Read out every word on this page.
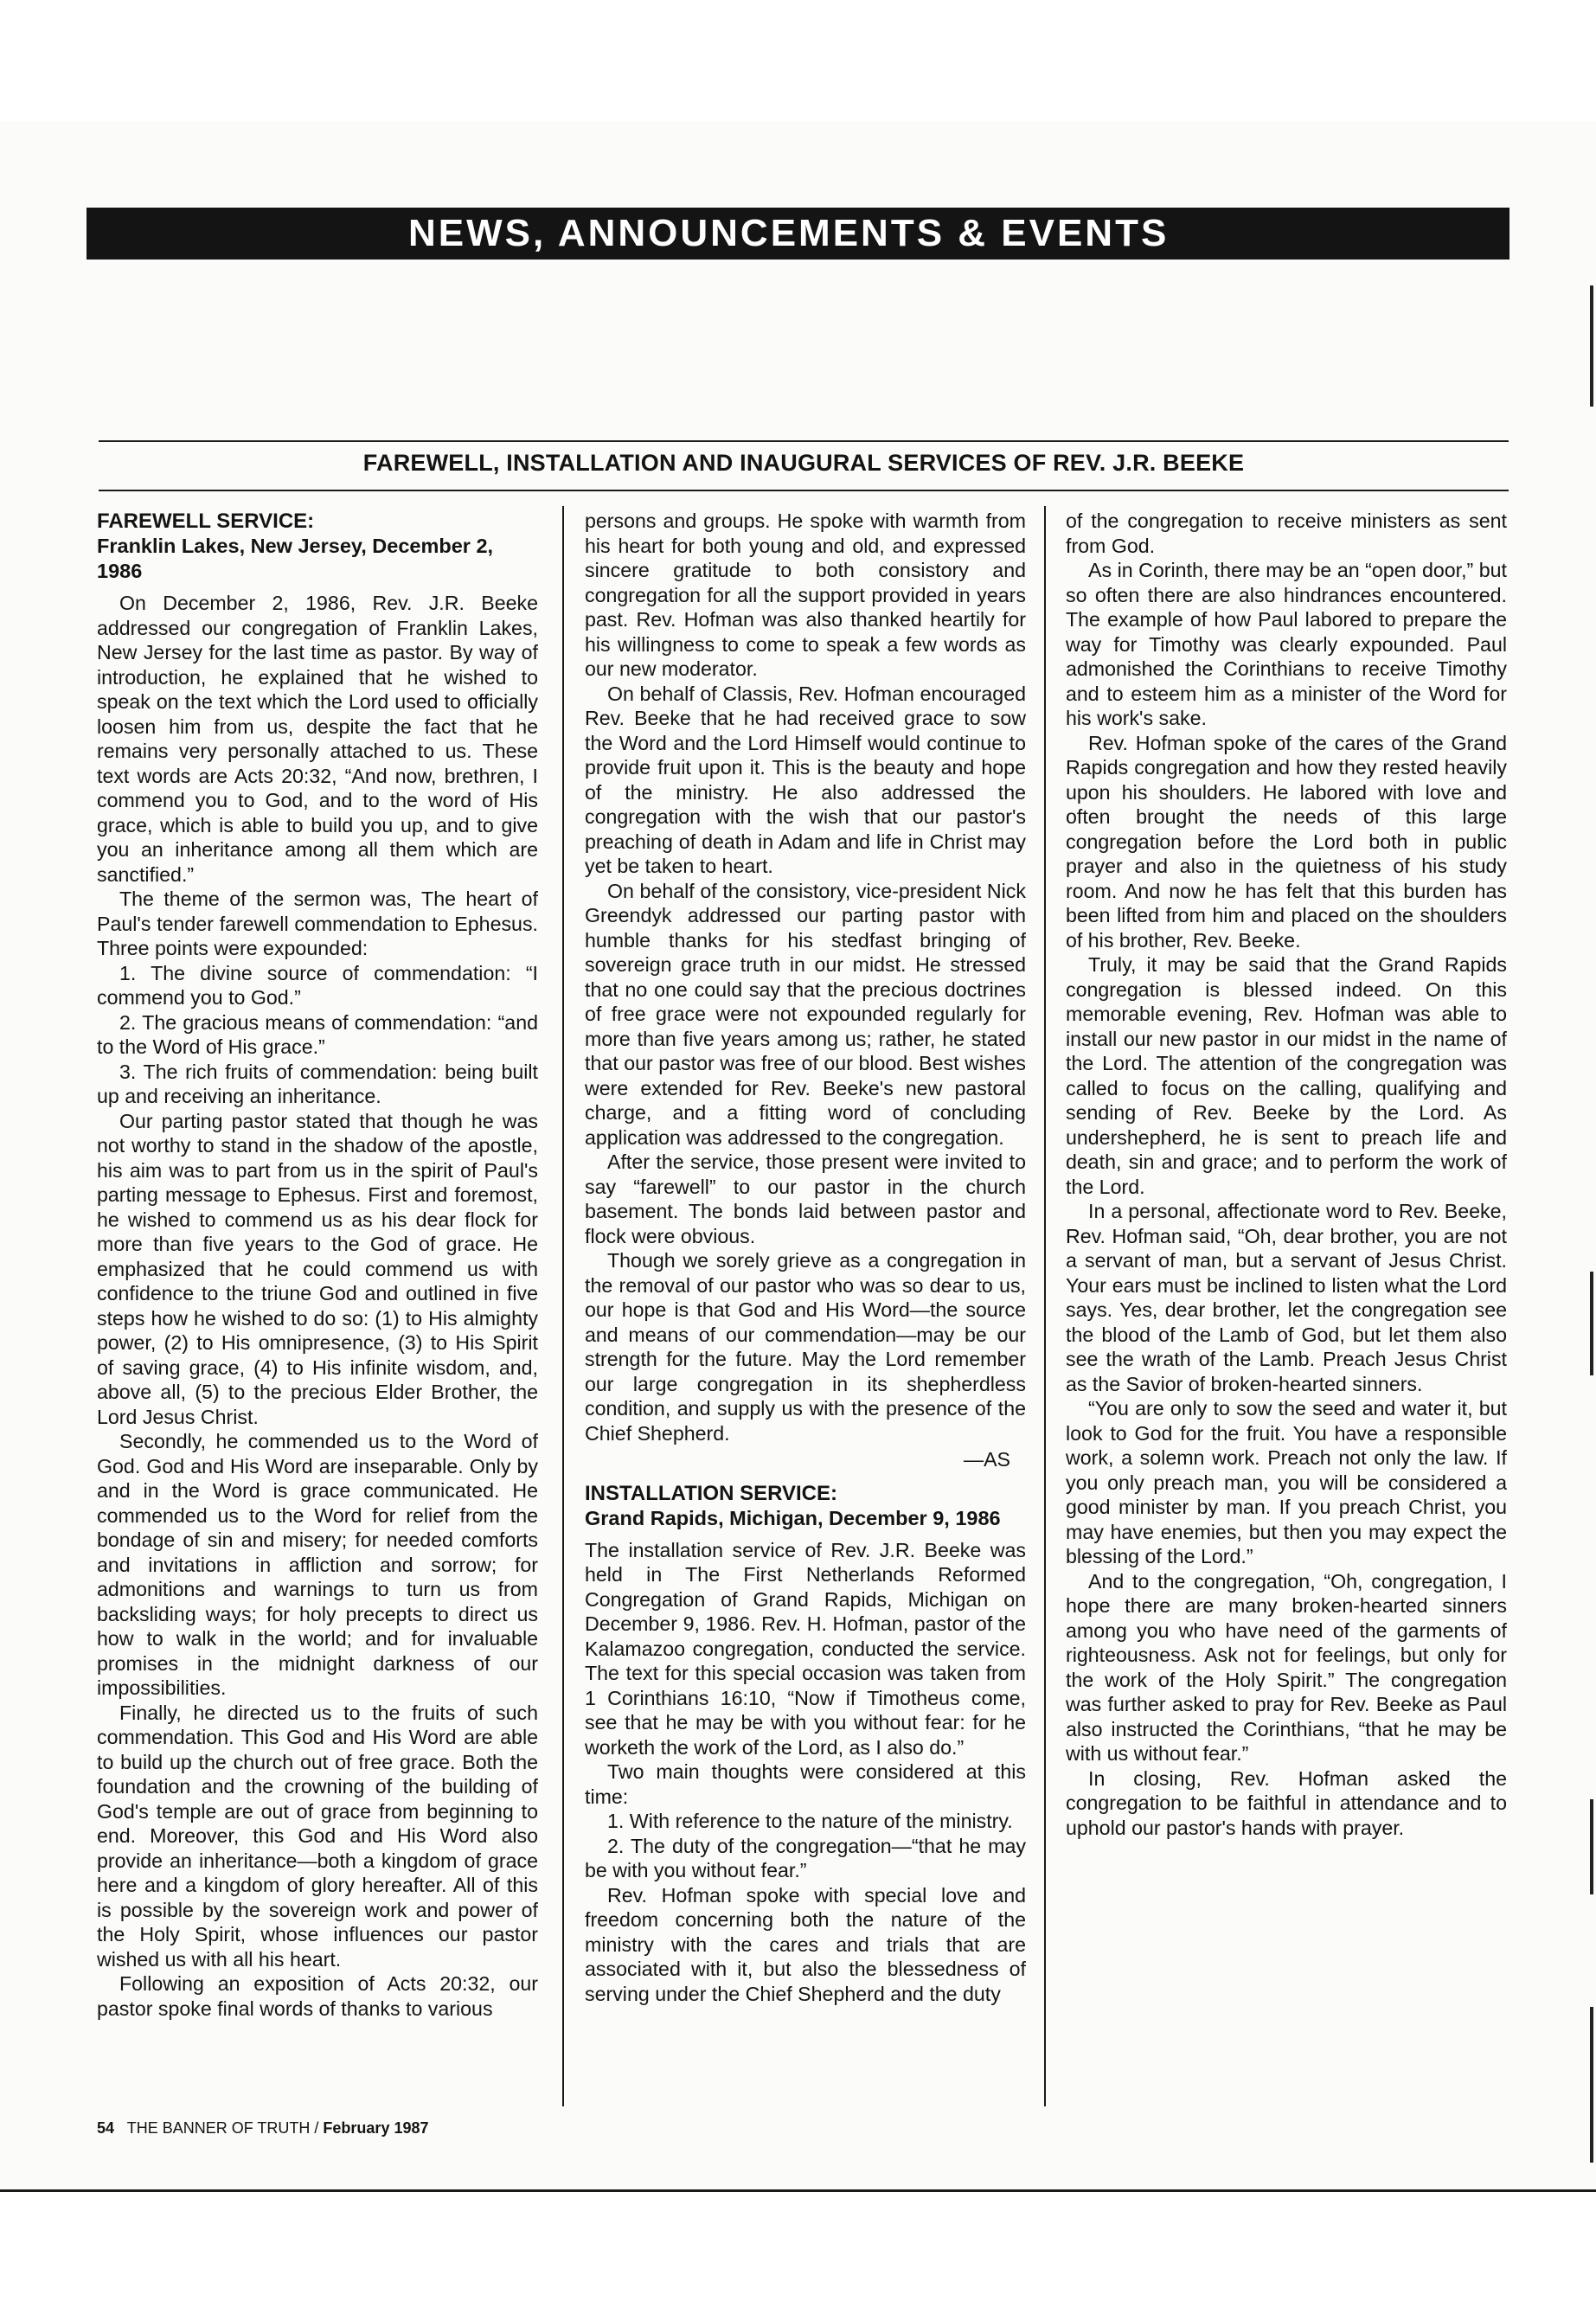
NEWS, ANNOUNCEMENTS & EVENTS
FAREWELL, INSTALLATION AND INAUGURAL SERVICES OF REV. J.R. BEEKE
FAREWELL SERVICE:
Franklin Lakes, New Jersey, December 2, 1986

On December 2, 1986, Rev. J.R. Beeke addressed our congregation of Franklin Lakes, New Jersey for the last time as pastor. By way of introduction, he explained that he wished to speak on the text which the Lord used to officially loosen him from us, despite the fact that he remains very personally attached to us. These text words are Acts 20:32, “And now, brethren, I commend you to God, and to the word of His grace, which is able to build you up, and to give you an inheritance among all them which are sanctified.”

The theme of the sermon was, The heart of Paul's tender farewell commendation to Ephesus. Three points were expounded:

1. The divine source of commendation: “I commend you to God.”

2. The gracious means of commendation: “and to the Word of His grace.”

3. The rich fruits of commendation: being built up and receiving an inheritance.

Our parting pastor stated that though he was not worthy to stand in the shadow of the apostle, his aim was to part from us in the spirit of Paul's parting message to Ephesus. First and foremost, he wished to commend us as his dear flock for more than five years to the God of grace. He emphasized that he could commend us with confidence to the triune God and outlined in five steps how he wished to do so: (1) to His almighty power, (2) to His omnipresence, (3) to His Spirit of saving grace, (4) to His infinite wisdom, and, above all, (5) to the precious Elder Brother, the Lord Jesus Christ.

Secondly, he commended us to the Word of God. God and His Word are inseparable. Only by and in the Word is grace communicated. He commended us to the Word for relief from the bondage of sin and misery; for needed comforts and invitations in affliction and sorrow; for admonitions and warnings to turn us from backsliding ways; for holy precepts to direct us how to walk in the world; and for invaluable promises in the midnight darkness of our impossibilities.

Finally, he directed us to the fruits of such commendation. This God and His Word are able to build up the church out of free grace. Both the foundation and the crowning of the building of God's temple are out of grace from beginning to end. Moreover, this God and His Word also provide an inheritance—both a kingdom of grace here and a kingdom of glory hereafter. All of this is possible by the sovereign work and power of the Holy Spirit, whose influences our pastor wished us with all his heart.

Following an exposition of Acts 20:32, our pastor spoke final words of thanks to various

persons and groups. He spoke with warmth from his heart for both young and old, and expressed sincere gratitude to both consistory and congregation for all the support provided in years past. Rev. Hofman was also thanked heartily for his willingness to come to speak a few words as our new moderator.

On behalf of Classis, Rev. Hofman encouraged Rev. Beeke that he had received grace to sow the Word and the Lord Himself would continue to provide fruit upon it. This is the beauty and hope of the ministry. He also addressed the congregation with the wish that our pastor's preaching of death in Adam and life in Christ may yet be taken to heart.

On behalf of the consistory, vice-president Nick Greendyk addressed our parting pastor with humble thanks for his stedfast bringing of sovereign grace truth in our midst. He stressed that no one could say that the precious doctrines of free grace were not expounded regularly for more than five years among us; rather, he stated that our pastor was free of our blood. Best wishes were extended for Rev. Beeke's new pastoral charge, and a fitting word of concluding application was addressed to the congregation.

After the service, those present were invited to say “farewell” to our pastor in the church basement. The bonds laid between pastor and flock were obvious.

Though we sorely grieve as a congregation in the removal of our pastor who was so dear to us, our hope is that God and His Word—the source and means of our commendation—may be our strength for the future. May the Lord remember our large congregation in its shepherdless condition, and supply us with the presence of the Chief Shepherd.

—AS
INSTALLATION SERVICE:
Grand Rapids, Michigan, December 9, 1986

The installation service of Rev. J.R. Beeke was held in The First Netherlands Reformed Congregation of Grand Rapids, Michigan on December 9, 1986. Rev. H. Hofman, pastor of the Kalamazoo congregation, conducted the service. The text for this special occasion was taken from 1 Corinthians 16:10, “Now if Timotheus come, see that he may be with you without fear: for he worketh the work of the Lord, as I also do.”

Two main thoughts were considered at this time:

1. With reference to the nature of the ministry.

2. The duty of the congregation—“that he may be with you without fear.”

Rev. Hofman spoke with special love and freedom concerning both the nature of the ministry with the cares and trials that are associated with it, but also the blessedness of serving under the Chief Shepherd and the duty

of the congregation to receive ministers as sent from God.

As in Corinth, there may be an “open door,” but so often there are also hindrances encountered. The example of how Paul labored to prepare the way for Timothy was clearly expounded. Paul admonished the Corinthians to receive Timothy and to esteem him as a minister of the Word for his work's sake.

Rev. Hofman spoke of the cares of the Grand Rapids congregation and how they rested heavily upon his shoulders. He labored with love and often brought the needs of this large congregation before the Lord both in public prayer and also in the quietness of his study room. And now he has felt that this burden has been lifted from him and placed on the shoulders of his brother, Rev. Beeke.

Truly, it may be said that the Grand Rapids congregation is blessed indeed. On this memorable evening, Rev. Hofman was able to install our new pastor in our midst in the name of the Lord. The attention of the congregation was called to focus on the calling, qualifying and sending of Rev. Beeke by the Lord. As undershepherd, he is sent to preach life and death, sin and grace; and to perform the work of the Lord.

In a personal, affectionate word to Rev. Beeke, Rev. Hofman said, “Oh, dear brother, you are not a servant of man, but a servant of Jesus Christ. Your ears must be inclined to listen what the Lord says. Yes, dear brother, let the congregation see the blood of the Lamb of God, but let them also see the wrath of the Lamb. Preach Jesus Christ as the Savior of broken-hearted sinners.

“You are only to sow the seed and water it, but look to God for the fruit. You have a responsible work, a solemn work. Preach not only the law. If you only preach man, you will be considered a good minister by man. If you preach Christ, you may have enemies, but then you may expect the blessing of the Lord.”

And to the congregation, “Oh, congregation, I hope there are many broken-hearted sinners among you who have need of the garments of righteousness. Ask not for feelings, but only for the work of the Holy Spirit.” The congregation was further asked to pray for Rev. Beeke as Paul also instructed the Corinthians, “that he may be with us without fear.”

In closing, Rev. Hofman asked the congregation to be faithful in attendance and to uphold our pastor's hands with prayer.

54 THE BANNER OF TRUTH / February 1987
